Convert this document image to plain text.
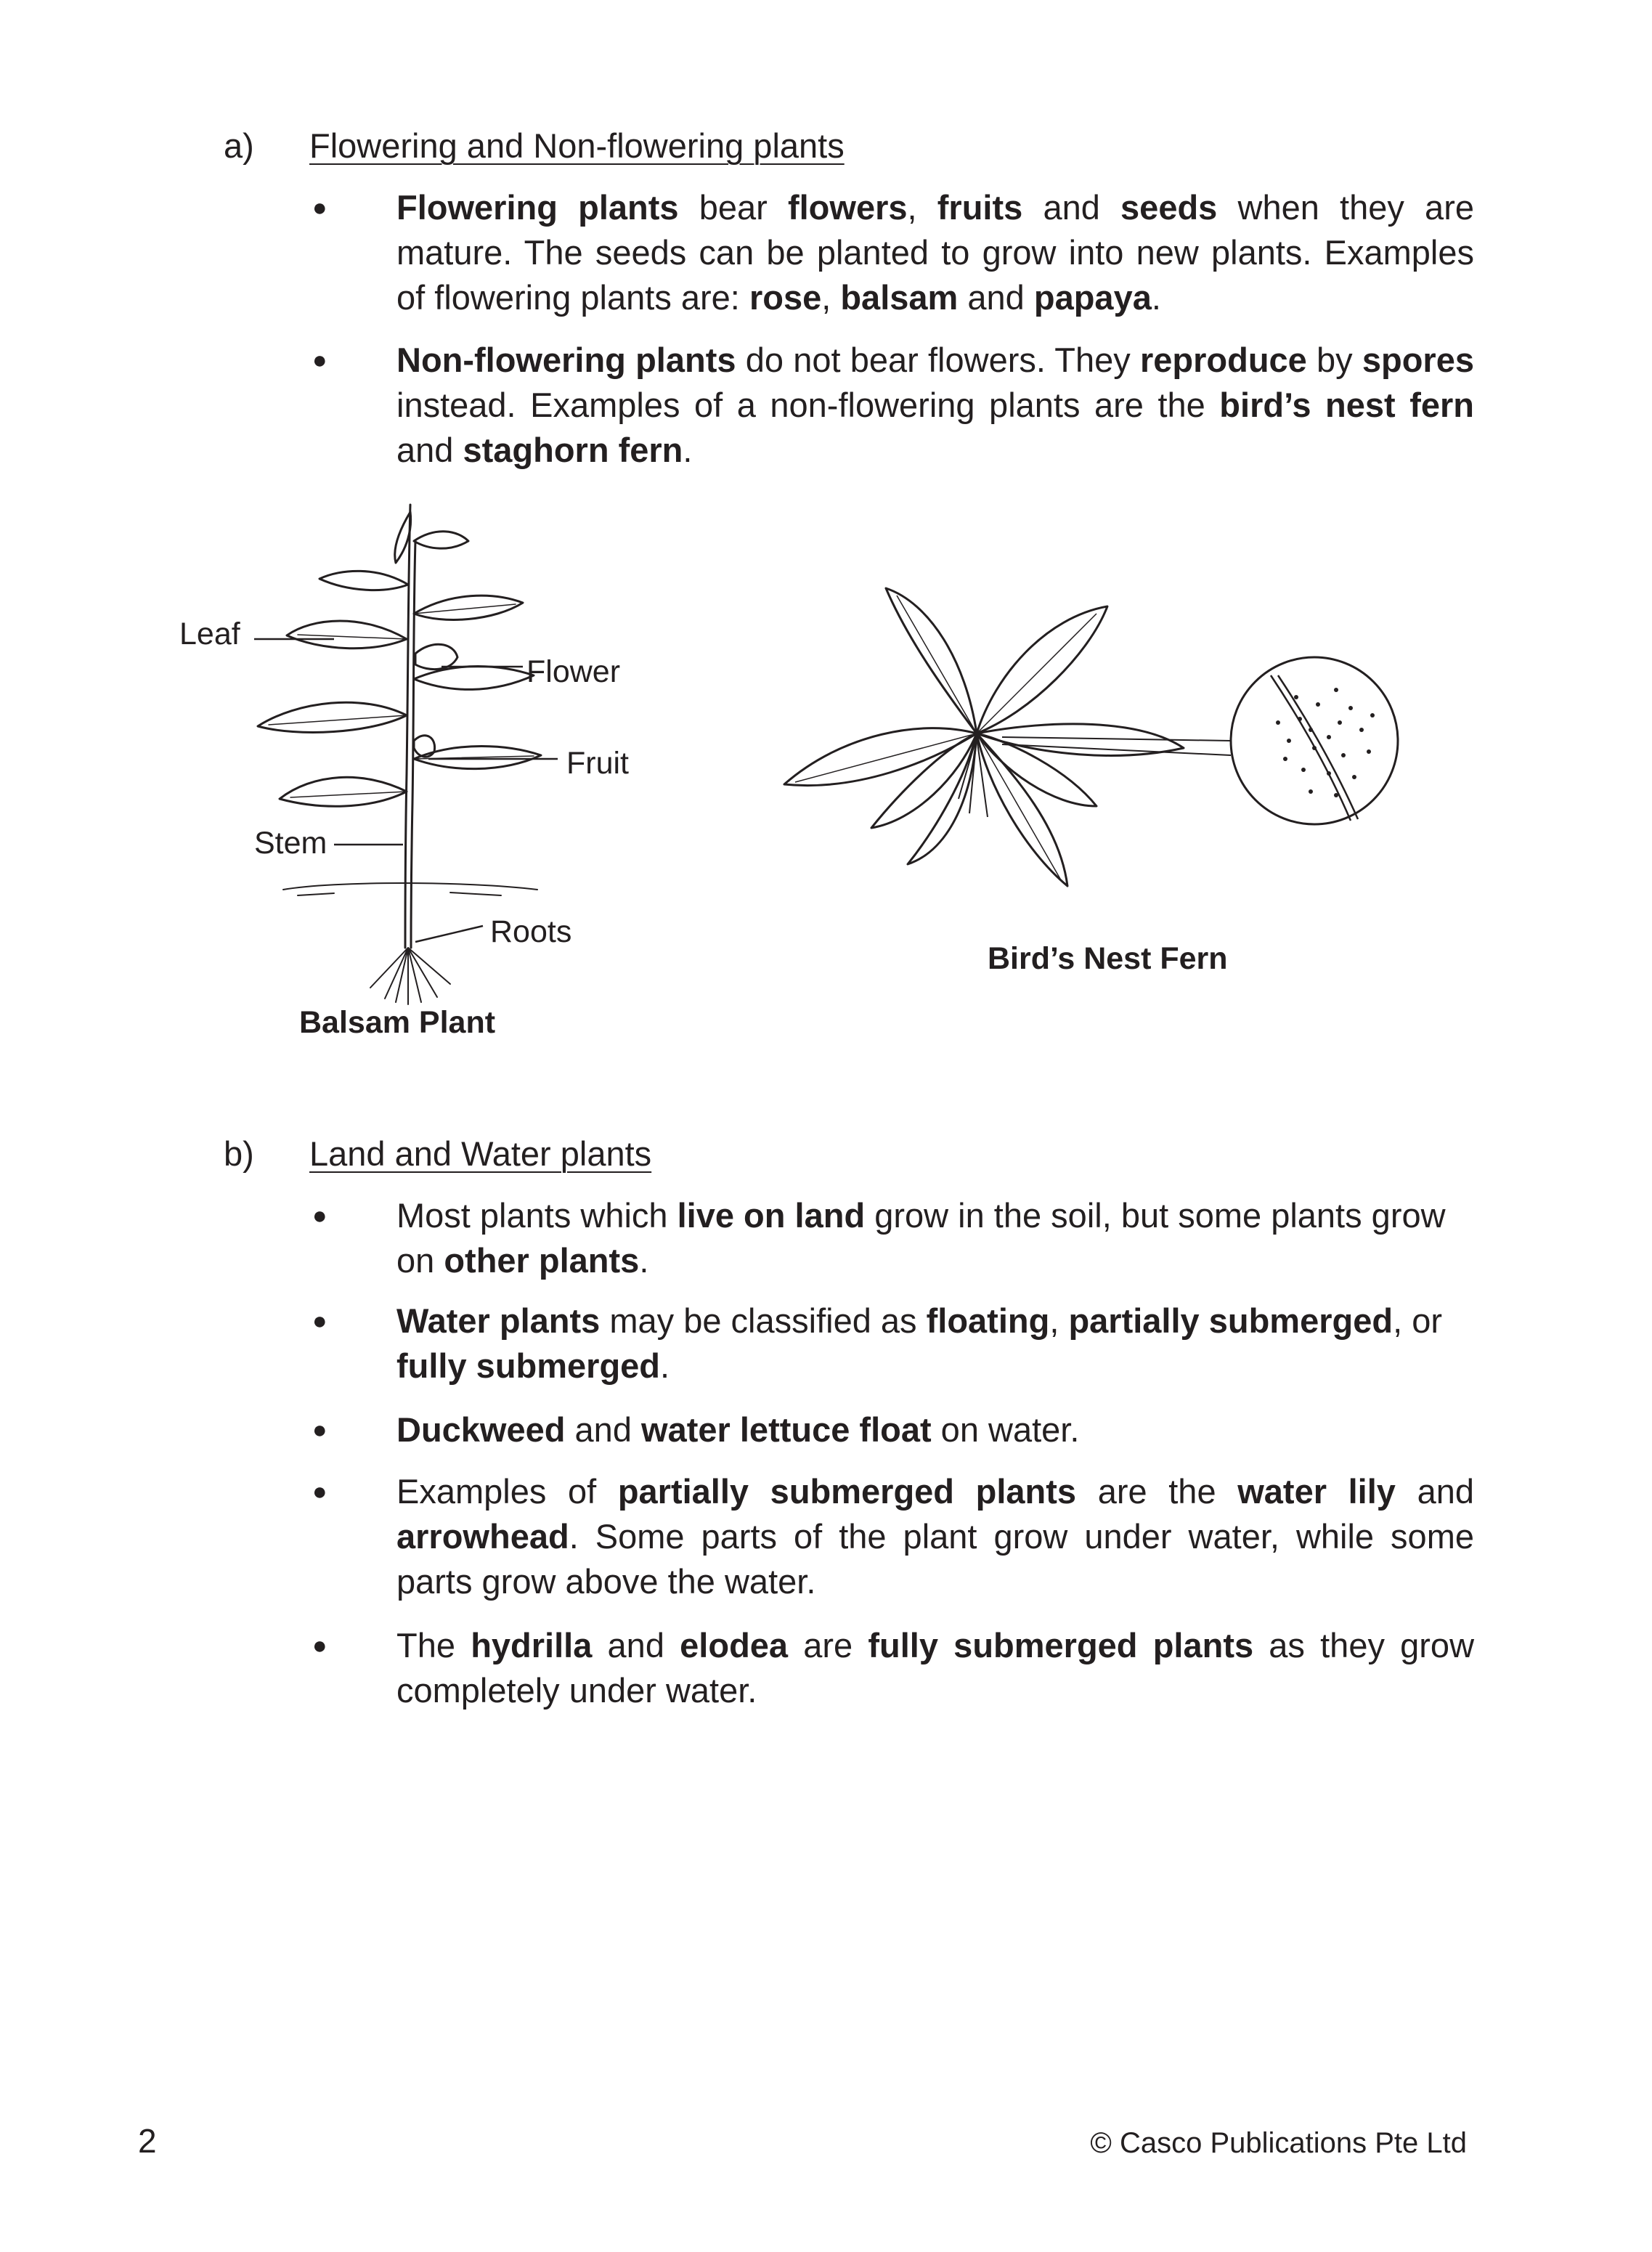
a)	Flowering and Non-flowering plants
●	Flowering plants bear flowers, fruits and seeds when they are mature. The seeds can be planted to grow into new plants. Examples of flowering plants are: rose, balsam and papaya.
●	Non-flowering plants do not bear flowers. They reproduce by spores instead. Examples of a non-flowering plants are the bird’s nest fern and staghorn fern.
Leaf
Flower
Fruit
Stem
Roots
Balsam Plant
Bird’s Nest Fern
b)	Land and Water plants
●	Most plants which live on land grow in the soil, but some plants grow on other plants.
●	Water plants may be classified as floating, partially submerged, or fully submerged.
●	Duckweed and water lettuce float on water.
●	Examples of partially submerged plants are the water lily and arrowhead. Some parts of the plant grow under water, while some parts grow above the water.
●	The hydrilla and elodea are fully submerged plants as they grow completely under water.
2	© Casco Publications Pte Ltd
